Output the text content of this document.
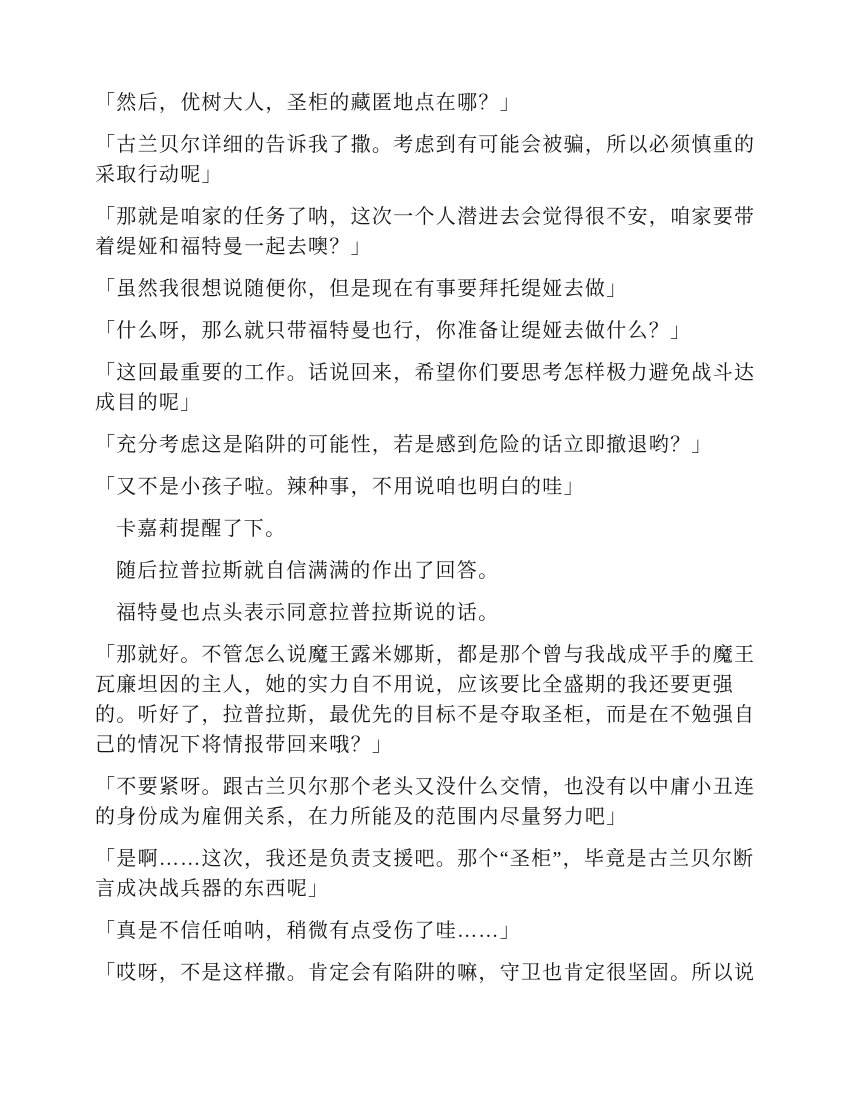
「然后，优树大人，圣柜的藏匿地点在哪？」

「古兰贝尔详细的告诉我了撒。考虑到有可能会被骗，所以必须慎重的采取行动呢」

「那就是咱家的任务了呐，这次一个人潜进去会觉得很不安，咱家要带着缇娅和福特曼一起去噢？」

「虽然我很想说随便你，但是现在有事要拜托缇娅去做」

「什么呀，那么就只带福特曼也行，你准备让缇娅去做什么？」

「这回最重要的工作。话说回来，希望你们要思考怎样极力避免战斗达成目的呢」

「充分考虑这是陷阱的可能性，若是感到危险的话立即撤退哟？」

「又不是小孩子啦。辣种事，不用说咱也明白的哇」

卡嘉莉提醒了下。

随后拉普拉斯就自信满满的作出了回答。

福特曼也点头表示同意拉普拉斯说的话。

「那就好。不管怎么说魔王露米娜斯，都是那个曾与我战成平手的魔王瓦廉坦因的主人，她的实力自不用说，应该要比全盛期的我还要更强的。听好了，拉普拉斯，最优先的目标不是夺取圣柜，而是在不勉强自己的情况下将情报带回来哦？」

「不要紧呀。跟古兰贝尔那个老头又没什么交情，也没有以中庸小丑连的身份成为雇佣关系，在力所能及的范围内尽量努力吧」

「是啊……这次，我还是负责支援吧。那个“圣柜”，毕竟是古兰贝尔断言成决战兵器的东西呢」

「真是不信任咱呐，稍微有点受伤了哇……」

「哎呀，不是这样撒。肯定会有陷阱的嘛，守卫也肯定很坚固。所以说
